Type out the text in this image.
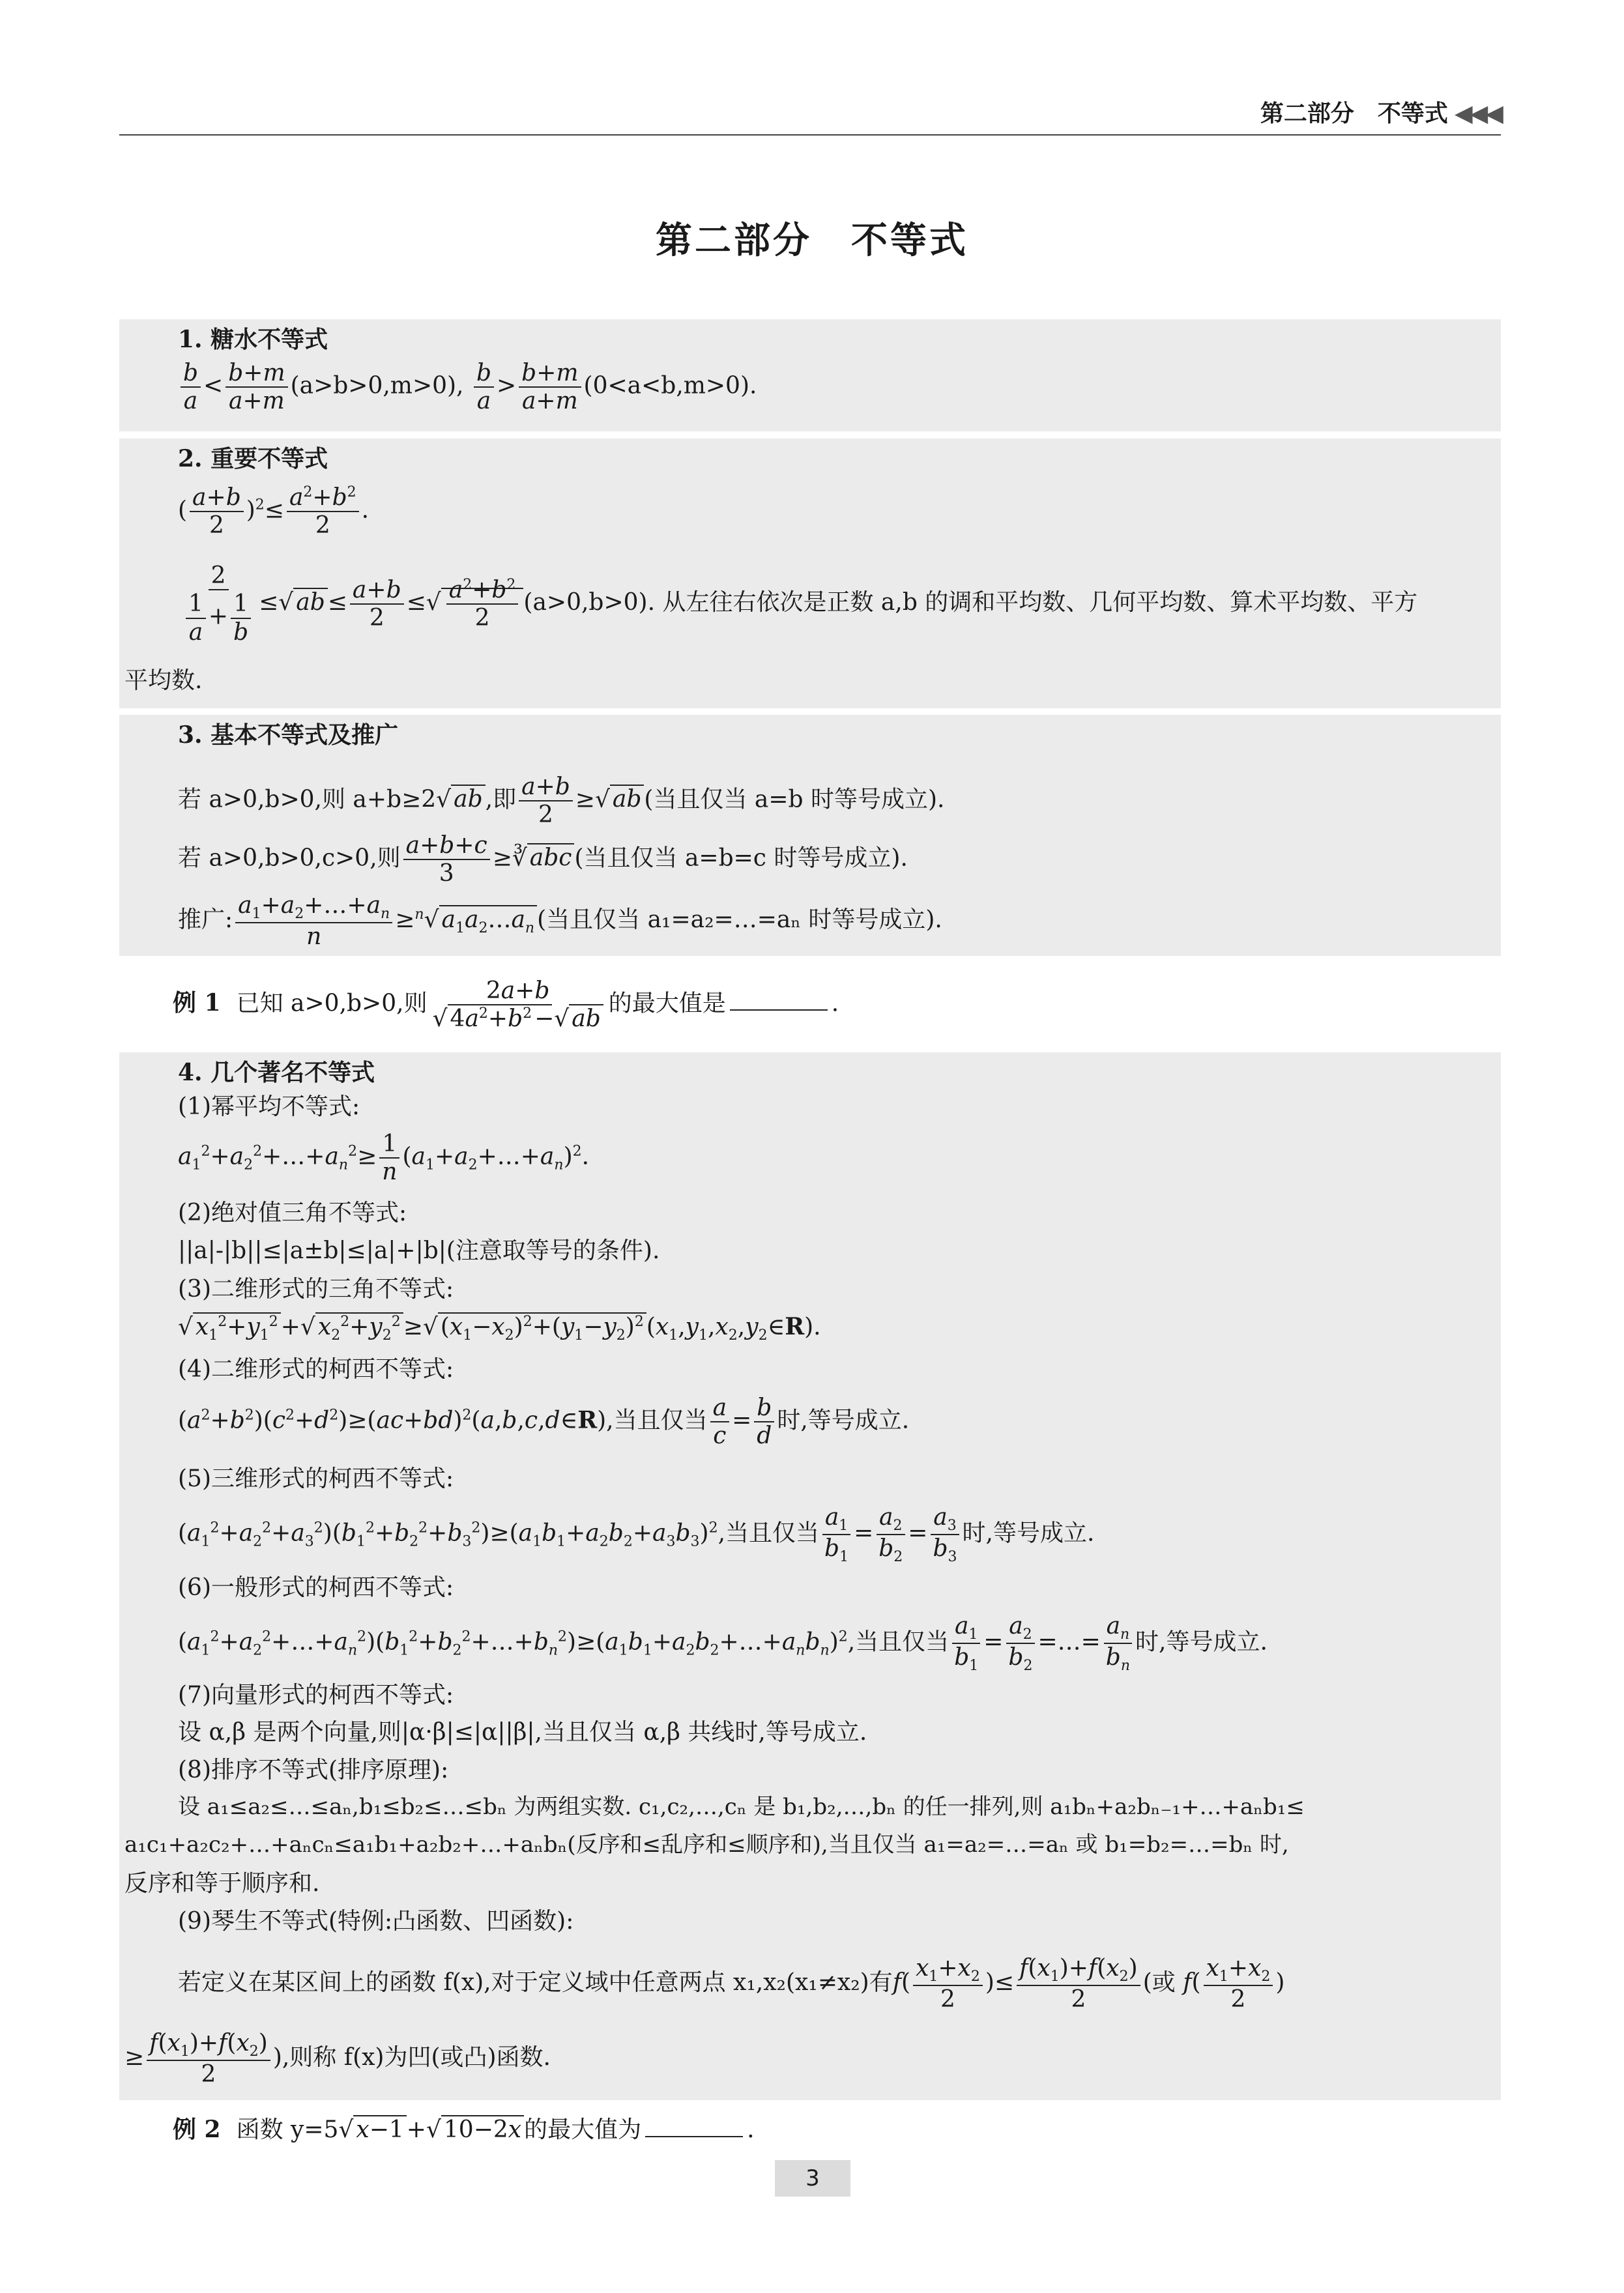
第二部分　不等式 ◀◀◀
第二部分　不等式
1. 糖水不等式
$\frac{b}{a} < \frac{b+m}{a+m} (a>b>0,m>0)$, $\frac{b}{a} > \frac{b+m}{a+m} (0<a<b,m>0)$.
2. 重要不等式
( $\frac{a+b}{2} )^2\le \frac{a^2+b^2}{2}$ .
$\frac{2}{\frac{1}{a} + \frac{1}{b}}$ ≤√ ab ≤ $\frac{a+b}{2}$ ≤√ $\frac{a^2+b^2}{2} (a>0,b>0)$. 从左往右依次是正数 a,b 的调和平均数、几何平均数、算术平均数、平方
平均数.
3. 基本不等式及推广
若 a>0,b>0,则 a+b≥2√ ab ,即 $\frac{a+b}{2}$ ≥√ ab (当且仅当 a=b 时等号成立).
若 a>0,b>0,c>0,则 $\frac{a+b+c}{3}$ ≥∛ abc (当且仅当 a=b=c 时等号成立).
推广: $\frac{a_1+a_2+\dots+a_n}{n} \ge^n√$ $a_1a_2\dots a_n$ (当且仅当 a₁=a₂=…=aₙ 时等号成立).
例 1 已知 a>0,b>0,则 $\frac{2a+b}{√ 4a^2+b^2 -√ ab}$ 的最大值是	.
4. 几个著名不等式
(1)幂平均不等式:
$a_1^2+a_2^2+\dots+a_n^2\ge \frac{1}{n}$ $(a_1+a_2+\dots+a_n)^2$.
(2)绝对值三角不等式:
||a|-|b||≤|a±b|≤|a|+|b|(注意取等号的条件).
(3)二维形式的三角不等式:
√ $x_1^2+y_1^2$ +√ $x_2^2+y_2^2$ ≥√ $(x_1-x_2)^2+(y_1-y_2)^2$ $(x_1,y_1,x_2,y_2\in R)$.
(4)二维形式的柯西不等式:
$(a^2+b^2)(c^2+d^2)\ge(ac+bd)^2(a,b,c,d\in R)$,当且仅当 $\frac{a}{c} = \frac{b}{d}$ 时,等号成立.
(5)三维形式的柯西不等式:
$(a_1^2+a_2^2+a_3^2)(b_1^2+b_2^2+b_3^2)\ge(a_1b_1+a_2b_2+a_3b_3)^2$,当且仅当 $\frac{a_1}{b_1} = \frac{a_2}{b_2} = \frac{a_3}{b_3}$ 时,等号成立.
(6)一般形式的柯西不等式:
$(a_1^2+a_2^2+\dots+a_n^2)(b_1^2+b_2^2+\dots+b_n^2)\ge(a_1b_1+a_2b_2+\dots+a_nb_n)^2$,当且仅当 $\frac{a_1}{b_1} = \frac{a_2}{b_2}$ =…= $\frac{a_n}{b_n}$ 时,等号成立.
(7)向量形式的柯西不等式:
设 α,β 是两个向量,则|α·β|≤|α||β|,当且仅当 α,β 共线时,等号成立.
(8)排序不等式(排序原理):
设 a₁≤a₂≤…≤aₙ,b₁≤b₂≤…≤bₙ 为两组实数. c₁,c₂,…,cₙ 是 b₁,b₂,…,bₙ 的任一排列,则 a₁bₙ+a₂bₙ₋₁+…+aₙb₁≤
a₁c₁+a₂c₂+…+aₙcₙ≤a₁b₁+a₂b₂+…+aₙbₙ(反序和≤乱序和≤顺序和),当且仅当 a₁=a₂=…=aₙ 或 b₁=b₂=…=bₙ 时,
反序和等于顺序和.
(9)琴生不等式(特例:凸函数、凹函数):
若定义在某区间上的函数 f(x),对于定义域中任意两点 x₁,x₂(x₁≠x₂)有$f( \frac{x_1+x_2}{2}$ )≤ $\frac{f(x_1)+f(x_2)}{2}$ (或 $f( \frac{x_1+x_2}{2}$ )
≥ $\frac{f(x_1)+f(x_2)}{2}$ ),则称 f(x)为凹(或凸)函数.
例 2 函数 y=5√ x−1 +√ 10−2x 的最大值为	.
3
